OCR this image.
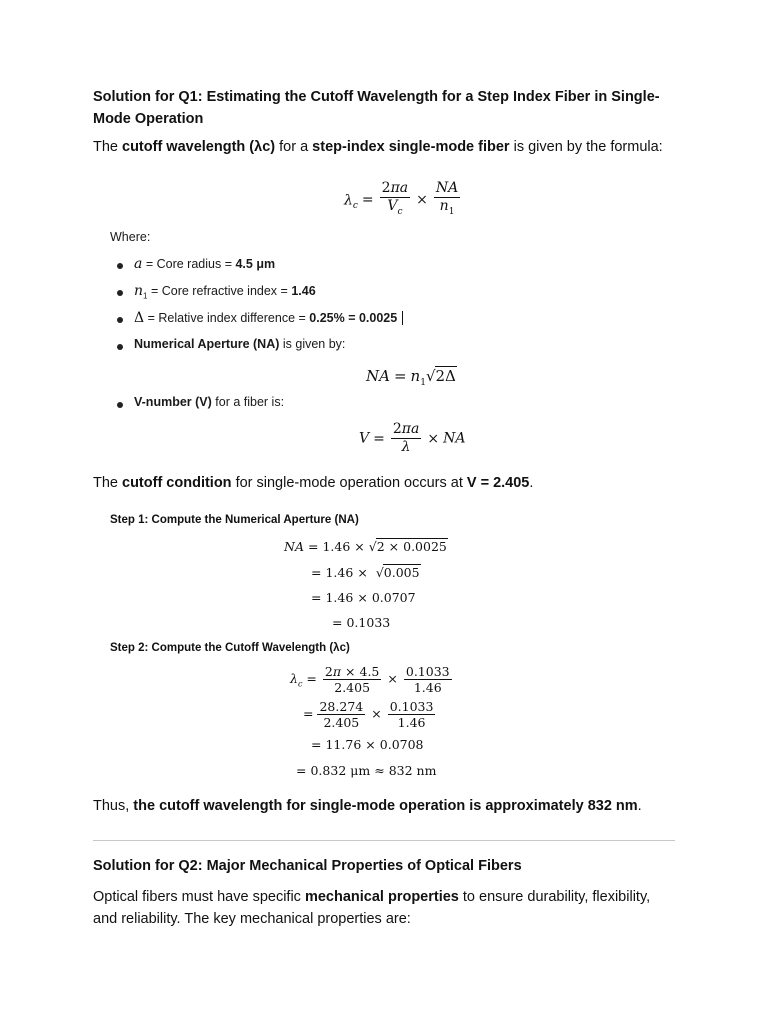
Solution for Q1: Estimating the Cutoff Wavelength for a Step Index Fiber in Single-
Mode Operation
The cutoff wavelength (λc) for a step-index single-mode fiber is given by the formula:
$\lambda_c = \frac{2\pi a}{V_c} \times \frac{NA}{n_1}$
Where:
a = Core radius = 4.5 μm
$n_1$ = Core refractive index = 1.46
Δ = Relative index difference = 0.25% = 0.0025
Numerical Aperture (NA) is given by:
NA = $n_1√2\Delta$
V-number (V) for a fiber is:
$V = \frac{2\pi a}{\lambda}$ × NA
The cutoff condition for single-mode operation occurs at V = 2.405.
Step 1: Compute the Numerical Aperture (NA)
NA = 1.46 × √2 × 0.0025
= 1.46 × √0.005
= 1.46 × 0.0707
= 0.1033
Step 2: Compute the Cutoff Wavelength (λc)
$\lambda_c = \frac{2\pi \times 4.5}{2.405} \times \frac{0.1033}{1.46}$
= $\frac{28.274}{2.405} \times \frac{0.1033}{1.46}$
= 11.76 × 0.0708
= 0.832 μm ≈ 832 nm
Thus, the cutoff wavelength for single-mode operation is approximately 832 nm.
Solution for Q2: Major Mechanical Properties of Optical Fibers
Optical fibers must have specific mechanical properties to ensure durability, flexibility,
and reliability. The key mechanical properties are:
